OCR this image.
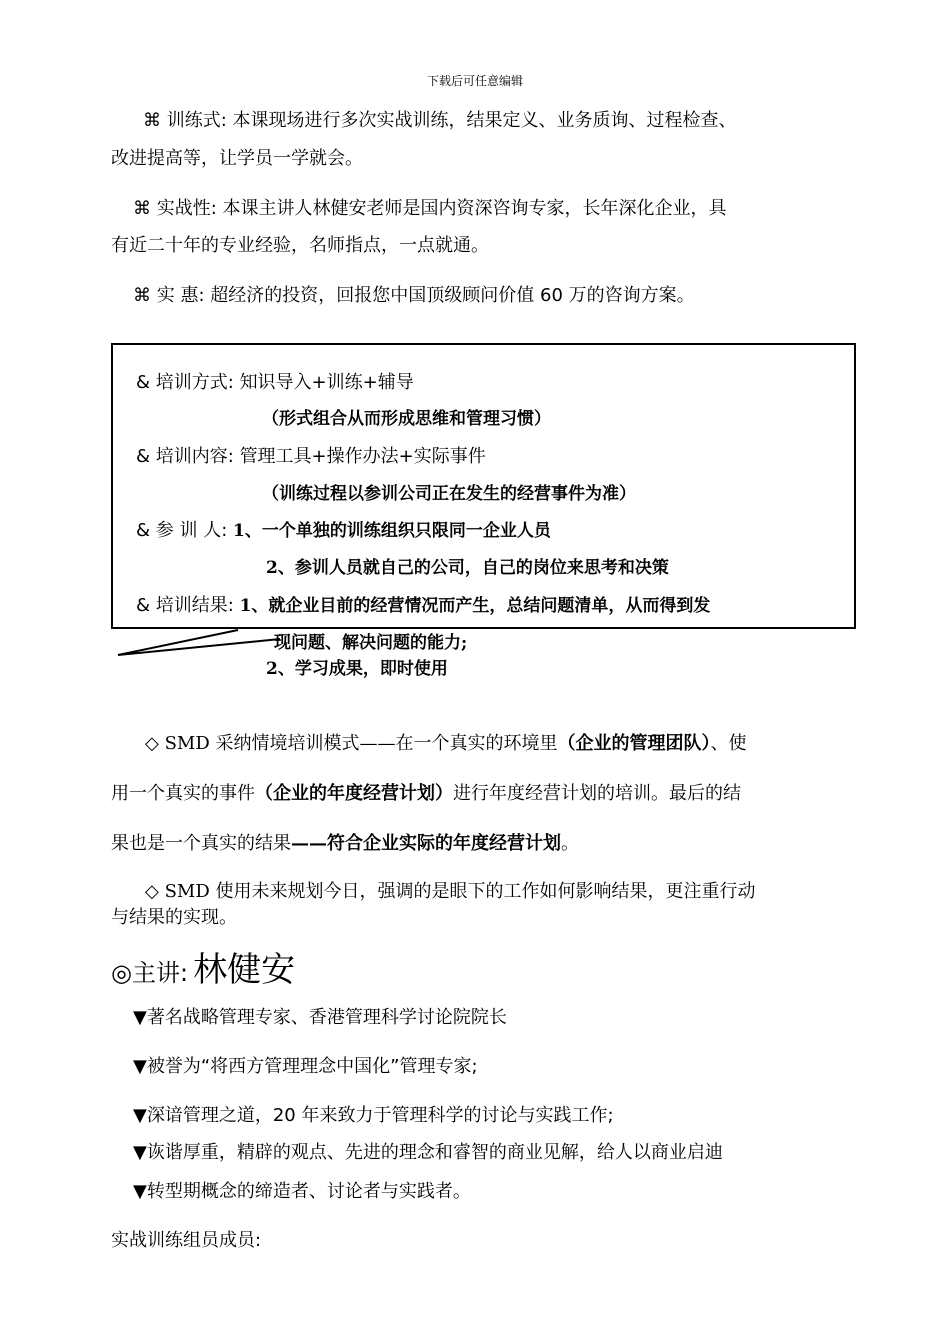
下载后可任意编辑
⌘ 训练式: 本课现场进行多次实战训练，结果定义、业务质询、过程检查、
改进提高等，让学员一学就会。
⌘ 实战性: 本课主讲人林健安老师是国内资深咨询专家，长年深化企业，具
有近二十年的专业经验，名师指点，一点就通。
⌘ 实 惠: 超经济的投资，回报您中国顶级顾问价值 60 万的咨询方案。
& 培训方式: 知识导入+训练+辅导
（形式组合从而形成思维和管理习惯）
& 培训内容: 管理工具+操作办法+实际事件
（训练过程以参训公司正在发生的经营事件为准）
& 参 训 人: 1、一个单独的训练组织只限同一企业人员
2、参训人员就自己的公司，自己的岗位来思考和决策
& 培训结果: 1、就企业目前的经营情况而产生，总结问题清单，从而得到发
现问题、解决问题的能力;
2、学习成果，即时使用
◇ SMD 采纳情境培训模式——在一个真实的环境里（企业的管理团队）、使
用一个真实的事件（企业的年度经营计划）进行年度经营计划的培训。最后的结
果也是一个真实的结果——符合企业实际的年度经营计划。
◇ SMD 使用未来规划今日，强调的是眼下的工作如何影响结果，更注重行动
与结果的实现。
◎主讲: 林健安
▼著名战略管理专家、香港管理科学讨论院院长
▼被誉为“将西方管理理念中国化”管理专家;
▼深谙管理之道，20 年来致力于管理科学的讨论与实践工作;
▼诙谐厚重，精辟的观点、先进的理念和睿智的商业见解，给人以商业启迪
▼转型期概念的缔造者、讨论者与实践者。
实战训练组员成员:
